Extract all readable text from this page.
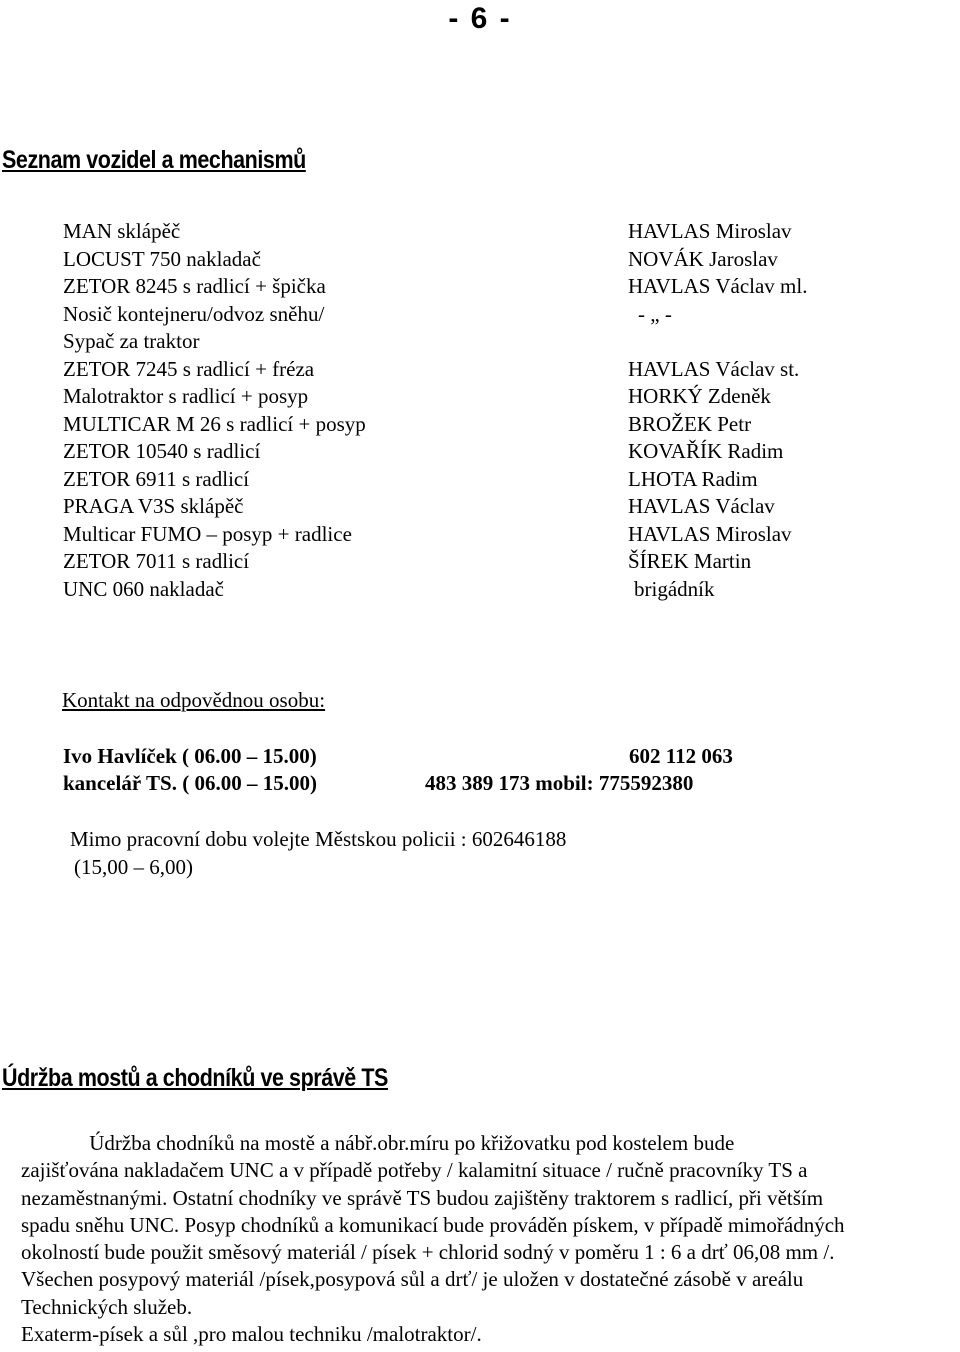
- 6 -
Seznam vozidel a mechanismů
MAN sklápěč	HAVLAS Miroslav
LOCUST 750 nakladač	NOVÁK Jaroslav
ZETOR 8245 s radlicí + špička	HAVLAS Václav ml.
Nosič kontejneru/odvoz sněhu/	- „ -
Sypač za traktor
ZETOR 7245 s radlicí + fréza	HAVLAS Václav st.
Malotraktor s radlicí + posyp	HORKÝ Zdeněk
MULTICAR M 26 s radlicí + posyp	BROŽEK Petr
ZETOR 10540 s radlicí	KOVAŘÍK Radim
ZETOR 6911 s radlicí	LHOTA Radim
PRAGA V3S sklápěč	HAVLAS Václav
Multicar FUMO – posyp + radlice	HAVLAS Miroslav
ZETOR 7011 s radlicí	ŠÍREK Martin
UNC 060 nakladač	brigádník
Kontakt na odpovědnou osobu:
Ivo Havlíček ( 06.00 – 15.00)	602 112 063
kancelář TS. ( 06.00 – 15.00)	483 389 173 mobil: 775592380
Mimo pracovní dobu volejte Městskou policii : 602646188
(15,00 – 6,00)
Údržba mostů a chodníků ve správě TS

Údržba chodníků na mostě a nábř.obr.míru po křižovatku pod kostelem bude

zajišťována nakladačem UNC a v případě potřeby / kalamitní situace / ručně pracovníky TS a

nezaměstnanými. Ostatní chodníky ve správě TS budou zajištěny traktorem s radlicí, při větším

spadu sněhu UNC. Posyp chodníků a komunikací bude prováděn pískem, v případě mimořádných

okolností bude použit směsový materiál / písek + chlorid sodný v poměru 1 : 6 a drť 06,08 mm /.

Všechen posypový materiál /písek,posypová sůl a drť/ je uložen v dostatečné zásobě v areálu

Technických služeb.

Exaterm-písek a sůl ,pro malou techniku /malotraktor/.
